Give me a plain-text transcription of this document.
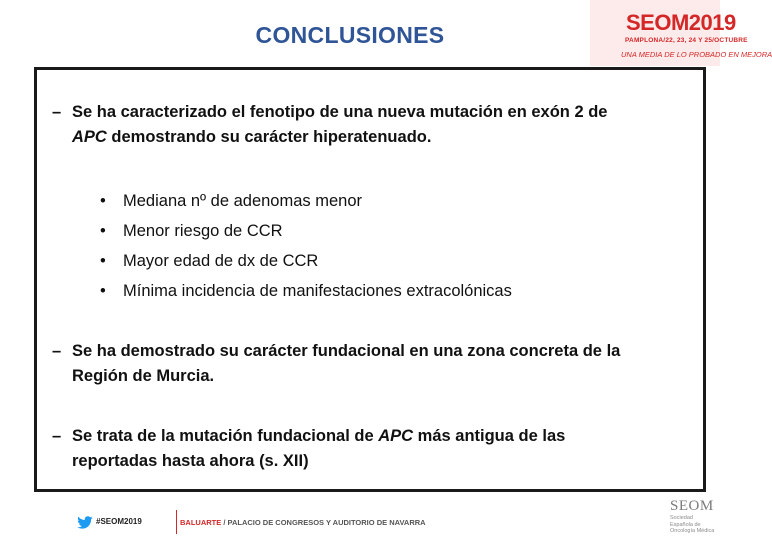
CONCLUSIONES	SEOM2019
PAMPLONA/22, 23, 24 Y 25/OCTUBRE
UNA MEDIA DE LO PROBADO EN MEJORA
– Se ha caracterizado el fenotipo de una nueva mutación en exón 2 de
APC demostrando su carácter hiperatenuado.
• Mediana nº de adenomas menor
• Menor riesgo de CCR
• Mayor edad de dx de CCR
• Mínima incidencia de manifestaciones extracolónicas
– Se ha demostrado su carácter fundacional en una zona concreta de la
Región de Murcia.
– Se trata de la mutación fundacional de APC más antigua de las
reportadas hasta ahora (s. XII)
#SEOM2019	BALUARTE / PALACIO DE CONGRESOS Y AUDITORIO DE NAVARRA
SEOM
Sociedad Española de Oncología Médica
